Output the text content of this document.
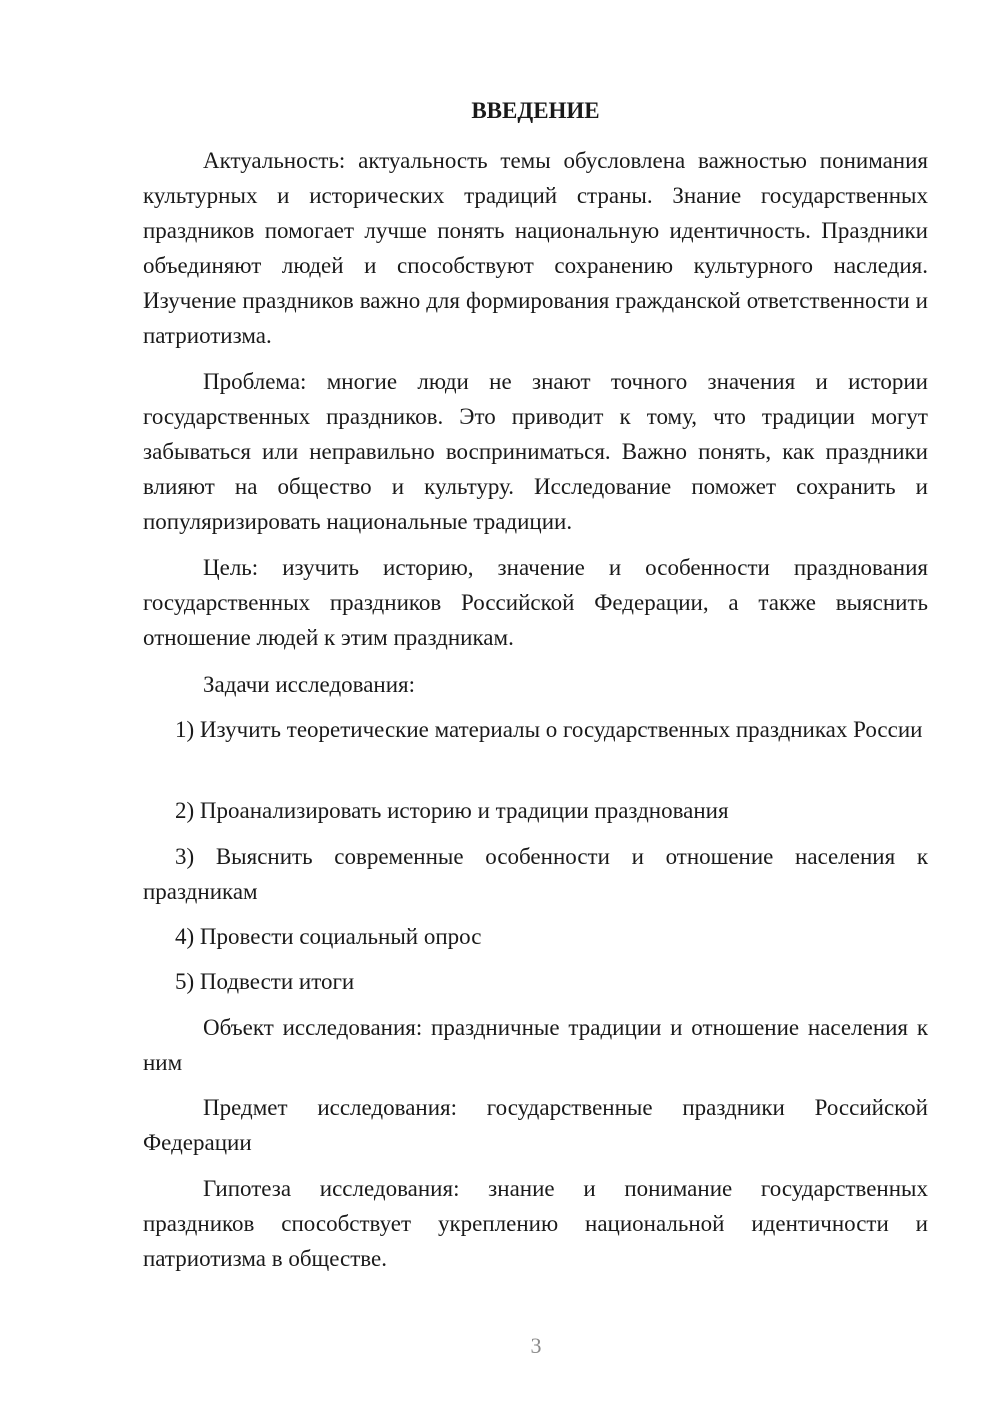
ВВЕДЕНИЕ

Актуальность: актуальность темы обусловлена важностью понимания культурных и исторических традиций страны. Знание государственных праздников помогает лучше понять национальную идентичность. Праздники объединяют людей и способствуют сохранению культурного наследия. Изучение праздников важно для формирования гражданской ответственности и патриотизма.

Проблема: многие люди не знают точного значения и истории государственных праздников. Это приводит к тому, что традиции могут забываться или неправильно восприниматься. Важно понять, как праздники влияют на общество и культуру. Исследование поможет сохранить и популяризировать национальные традиции.

Цель: изучить историю, значение и особенности празднования государственных праздников Российской Федерации, а также выяснить отношение людей к этим праздникам.

Задачи исследования:

1) Изучить теоретические материалы о государственных праздниках России

2) Проанализировать историю и традиции празднования

3) Выяснить современные особенности и отношение населения к праздникам

4) Провести социальный опрос

5) Подвести итоги

Объект исследования: праздничные традиции и отношение населения к ним

Предмет исследования: государственные праздники Российской Федерации

Гипотеза исследования: знание и понимание государственных праздников способствует укреплению национальной идентичности и патриотизма в обществе.

3
